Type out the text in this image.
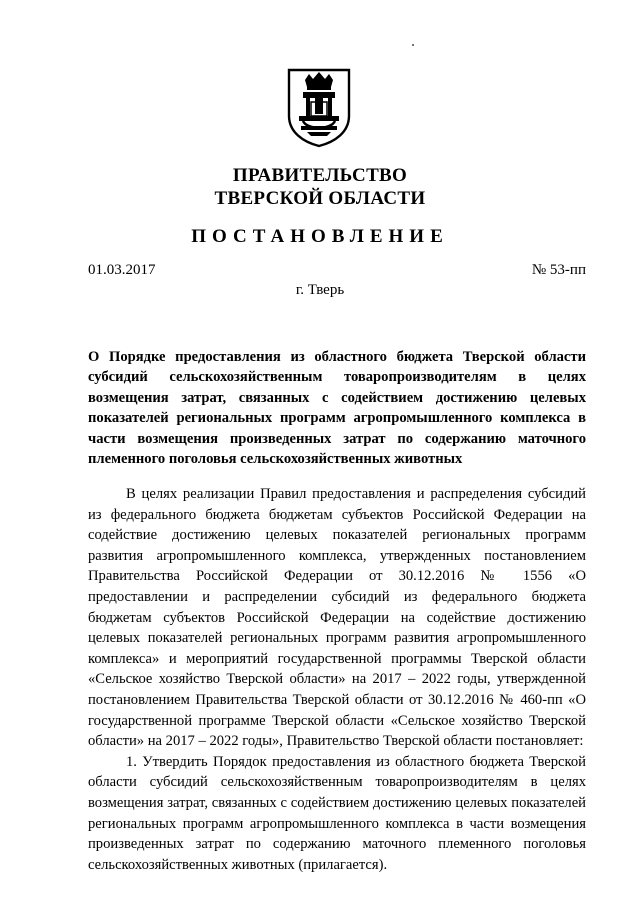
ПРАВИТЕЛЬСТВО
ТВЕРСКОЙ ОБЛАСТИ
ПОСТАНОВЛЕНИЕ
01.03.2017	№ 53-пп
г. Тверь
О Порядке предоставления из областного бюджета Тверской области субсидий сельскохозяйственным товаропроизводителям в целях возмещения затрат, связанных с содействием достижению целевых показателей региональных программ агропромышленного комплекса в части возмещения произведенных затрат по содержанию маточного племенного поголовья сельскохозяйственных животных

В целях реализации Правил предоставления и распределения субсидий из федерального бюджета бюджетам субъектов Российской Федерации на содействие достижению целевых показателей региональных программ развития агропромышленного комплекса, утвержденных постановлением Правительства Российской Федерации от 30.12.2016 № 1556 «О предоставлении и распределении субсидий из федерального бюджета бюджетам субъектов Российской Федерации на содействие достижению целевых показателей региональных программ развития агропромышленного комплекса» и мероприятий государственной программы Тверской области «Сельское хозяйство Тверской области» на 2017 – 2022 годы, утвержденной постановлением Правительства Тверской области от 30.12.2016 № 460-пп «О государственной программе Тверской области «Сельское хозяйство Тверской области» на 2017 – 2022 годы», Правительство Тверской области постановляет:

1. Утвердить Порядок предоставления из областного бюджета Тверской области субсидий сельскохозяйственным товаропроизводителям в целях возмещения затрат, связанных с содействием достижению целевых показателей региональных программ агропромышленного комплекса в части возмещения произведенных затрат по содержанию маточного племенного поголовья сельскохозяйственных животных (прилагается).
